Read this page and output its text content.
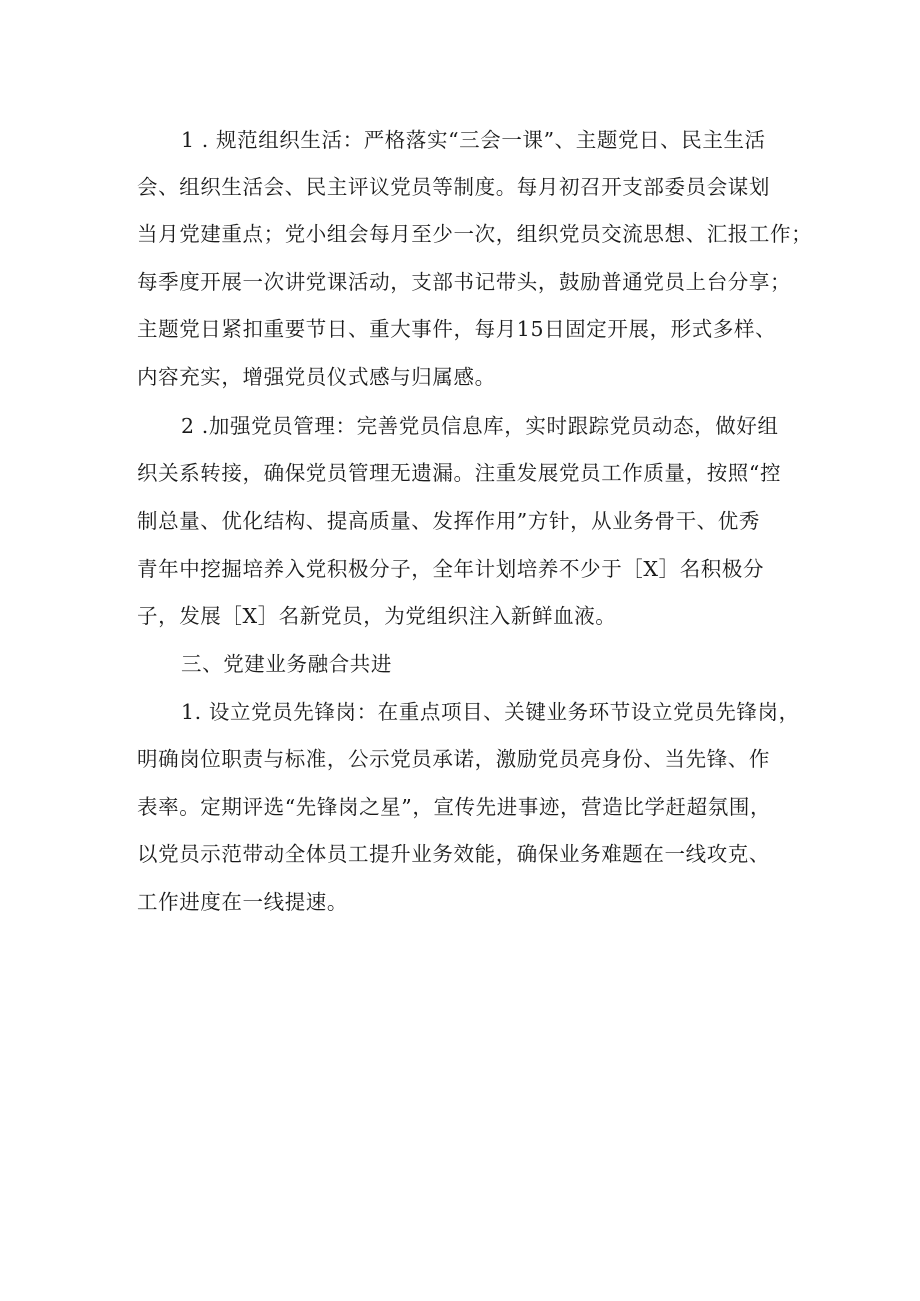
1 . 规范组织生活：严格落实“三会一课”、主题党日、民主生活
会、组织生活会、民主评议党员等制度。每月初召开支部委员会谋划
当月党建重点；党小组会每月至少一次，组织党员交流思想、汇报工作；
每季度开展一次讲党课活动，支部书记带头，鼓励普通党员上台分享；
主题党日紧扣重要节日、重大事件，每月15日固定开展，形式多样、
内容充实，增强党员仪式感与归属感。
2 .加强党员管理：完善党员信息库，实时跟踪党员动态，做好组
织关系转接，确保党员管理无遗漏。注重发展党员工作质量，按照“控
制总量、优化结构、提高质量、发挥作用”方针，从业务骨干、优秀
青年中挖掘培养入党积极分子，全年计划培养不少于［X］名积极分
子，发展［X］名新党员，为党组织注入新鲜血液。
三、党建业务融合共进
1. 设立党员先锋岗：在重点项目、关键业务环节设立党员先锋岗，
明确岗位职责与标准，公示党员承诺，激励党员亮身份、当先锋、作
表率。定期评选“先锋岗之星”，宣传先进事迹，营造比学赶超氛围，
以党员示范带动全体员工提升业务效能，确保业务难题在一线攻克、
工作进度在一线提速。
